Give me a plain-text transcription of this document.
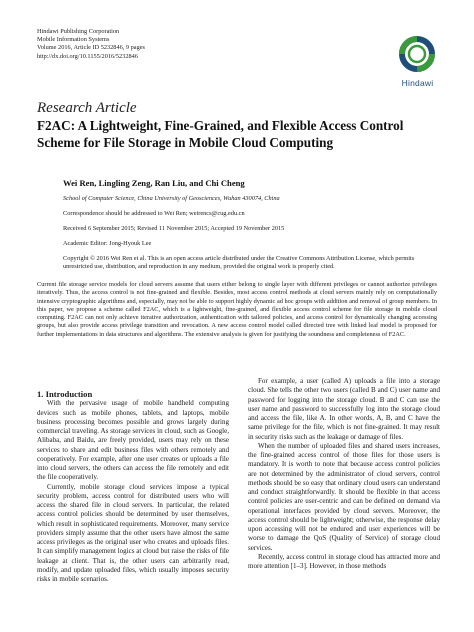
Hindawi Publishing Corporation
Mobile Information Systems
Volume 2016, Article ID 5232846, 9 pages
http://dx.doi.org/10.1155/2016/5232846
Hindawi
Research Article
F2AC: A Lightweight, Fine-Grained, and Flexible Access Control Scheme for File Storage in Mobile Cloud Computing
Wei Ren, Lingling Zeng, Ran Liu, and Chi Cheng
School of Computer Science, China University of Geosciences, Wuhan 430074, China
Correspondence should be addressed to Wei Ren; weirencs@cug.edu.cn
Received 6 September 2015; Revised 11 November 2015; Accepted 19 November 2015
Academic Editor: Jong-Hyouk Lee
Copyright © 2016 Wei Ren et al. This is an open access article distributed under the Creative Commons Attribution License, which permits unrestricted use, distribution, and reproduction in any medium, provided the original work is properly cited.
Current file storage service models for cloud servers assume that users either belong to single layer with different privileges or cannot authorize privileges iteratively. Thus, the access control is not fine-grained and flexible. Besides, most access control methods at cloud servers mainly rely on computationally intensive cryptographic algorithms and, especially, may not be able to support highly dynamic ad hoc groups with addition and removal of group members. In this paper, we propose a scheme called F2AC, which is a lightweight, fine-grained, and flexible access control scheme for file storage in mobile cloud computing. F2AC can not only achieve iterative authorization, authentication with tailored policies, and access control for dynamically changing accessing groups, but also provide access privilege transition and revocation. A new access control model called directed tree with linked leaf model is proposed for further implementations in data structures and algorithms. The extensive analysis is given for justifying the soundness and completeness of F2AC.

1. Introduction

With the pervasive usage of mobile handheld computing devices such as mobile phones, tablets, and laptops, mobile business processing becomes possible and grows largely during commercial traveling. As storage services in cloud, such as Google, Alibaba, and Baidu, are freely provided, users may rely on these services to share and edit business files with others remotely and cooperatively. For example, after one user creates or uploads a file into cloud servers, the others can access the file remotely and edit the file cooperatively.

Currently, mobile storage cloud services impose a typical security problem, access control for distributed users who will access the shared file in cloud servers. In particular, the related access control policies should be determined by user themselves, which result in sophisticated requirements. Moreover, many service providers simply assume that the other users have almost the same access privileges as the original user who creates and uploads files. It can simplify management logics at cloud but raise the risks of file leakage at client. That is, the other users can arbitrarily read, modify, and update uploaded files, which usually imposes security risks in mobile scenarios.

For example, a user (called A) uploads a file into a storage cloud. She tells the other two users (called B and C) user name and password for logging into the storage cloud. B and C can use the user name and password to successfully log into the storage cloud and access the file, like A. In other words, A, B, and C have the same privilege for the file, which is not fine-grained. It may result in security risks such as the leakage or damage of files.

When the number of uploaded files and shared users increases, the fine-grained access control of those files for those users is mandatory. It is worth to note that because access control policies are not determined by the administrator of cloud servers, control methods should be so easy that ordinary cloud users can understand and conduct straightforwardly. It should be flexible in that access control policies are user-centric and can be defined on demand via operational interfaces provided by cloud servers. Moreover, the access control should be lightweight; otherwise, the response delay upon accessing will not be endured and user experiences will be worse to damage the QoS (Quality of Service) of storage cloud services.

Recently, access control in storage cloud has attracted more and more attention [1–3]. However, in those methods
